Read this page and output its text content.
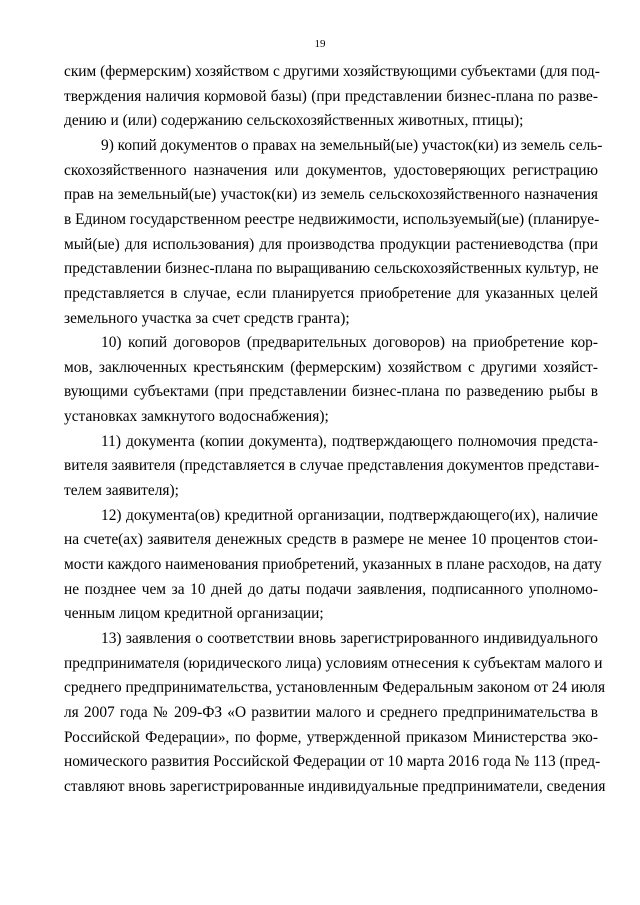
19
ским (фермерским) хозяйством с другими хозяйствующими субъектами (для под-
тверждения наличия кормовой базы) (при представлении бизнес-плана по разве-
дению и (или) содержанию сельскохозяйственных животных, птицы);
9) копий документов о правах на земельный(ые) участок(ки) из земель сель-
скохозяйственного назначения или документов, удостоверяющих регистрацию
прав на земельный(ые) участок(ки) из земель сельскохозяйственного назначения
в Едином государственном реестре недвижимости, используемый(ые) (планируе-
мый(ые) для использования) для производства продукции растениеводства (при
представлении бизнес-плана по выращиванию сельскохозяйственных культур, не
представляется в случае, если планируется приобретение для указанных целей
земельного участка за счет средств гранта);
10) копий договоров (предварительных договоров) на приобретение кор-
мов, заключенных крестьянским (фермерским) хозяйством с другими хозяйст-
вующими субъектами (при представлении бизнес-плана по разведению рыбы в
установках замкнутого водоснабжения);
11) документа (копии документа), подтверждающего полномочия предста-
вителя заявителя (представляется в случае представления документов представи-
телем заявителя);
12) документа(ов) кредитной организации, подтверждающего(их), наличие
на счете(ах) заявителя денежных средств в размере не менее 10 процентов стои-
мости каждого наименования приобретений, указанных в плане расходов, на дату
не позднее чем за 10 дней до даты подачи заявления, подписанного уполномо-
ченным лицом кредитной организации;
13) заявления о соответствии вновь зарегистрированного индивидуального
предпринимателя (юридического лица) условиям отнесения к субъектам малого и
среднего предпринимательства, установленным Федеральным законом от 24 июля
ля 2007 года № 209-ФЗ «О развитии малого и среднего предпринимательства в
Российской Федерации», по форме, утвержденной приказом Министерства эко-
номического развития Российской Федерации от 10 марта 2016 года № 113 (пред-
ставляют вновь зарегистрированные индивидуальные предприниматели, сведения
